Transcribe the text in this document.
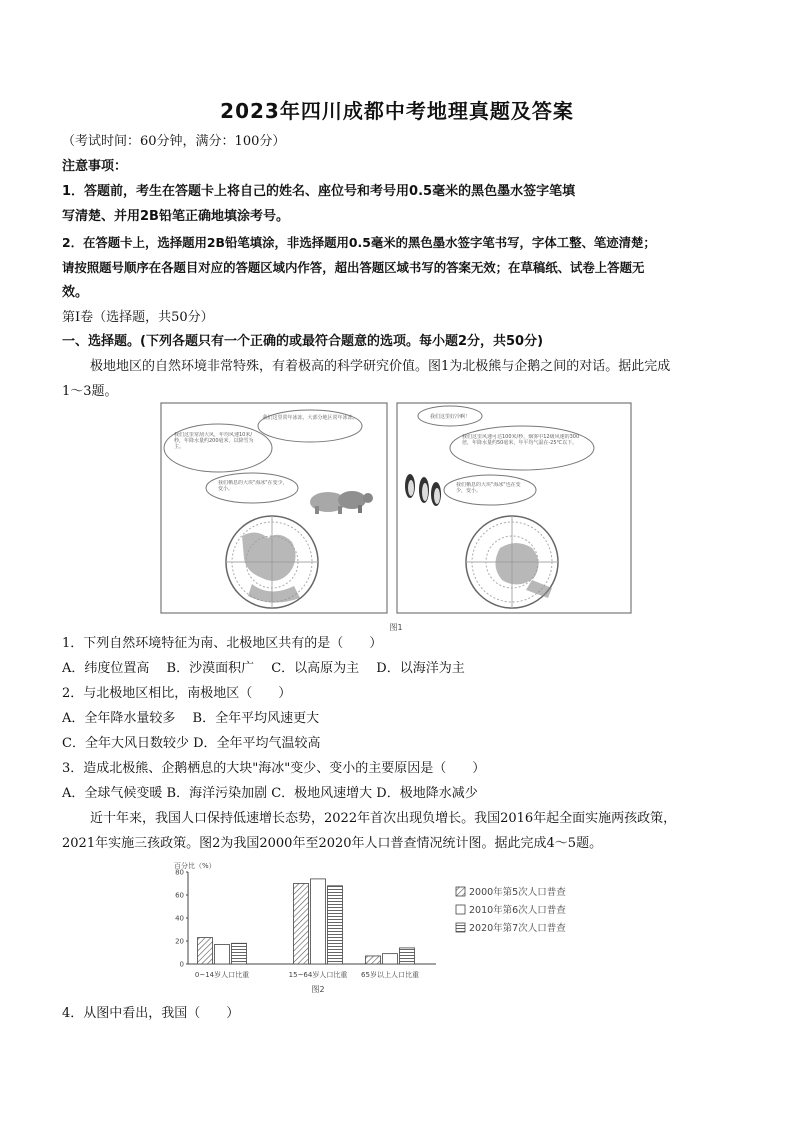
2023年四川成都中考地理真题及答案
（考试时间：60分钟，满分：100分）
注意事项：
1．答题前，考生在答题卡上将自己的姓名、座位号和考号用0.5毫米的黑色墨水签字笔填
写清楚、并用2B铅笔正确地填涂考号。
2．在答题卡上，选择题用2B铅笔填涂，非选择题用0.5毫米的黑色墨水签字笔书写，字体工整、笔迹清楚；
请按照题号顺序在各题目对应的答题区域内作答，超出答题区域书写的答案无效；在草稿纸、试卷上答题无
效。
第Ⅰ卷（选择题，共50分）
一、选择题。(下列各题只有一个正确的或最符合题意的选项。每小题2分，共50分)
极地地区的自然环境非常特殊，有着极高的科学研究价值。图1为北极熊与企鹅之间的对话。据此完成
1～3题。
我们这里常年冰冻，大部分地区常年冰冻。
我们这里常刮大风，年均风速10米/秒，年降水量约200毫米，以降雪为主。
我们栖息的大块"海冰"在变少，变小。
我们这里好冷啊！
我们这里风速可达100米/秒，烟雾中12级风速的300倍，年降水量约50毫米，年平均气温在-25℃以下。
我们栖息的大块"海冰"也在变少，变小。
图1
1．下列自然环境特征为南、北极地区共有的是（　　）
A．纬度位置高　 B．沙漠面积广　 C．以高原为主　 D．以海洋为主
2．与北极地区相比，南极地区（　　）
A．全年降水量较多　 B．全年平均风速更大
C．全年大风日数较少 D．全年平均气温较高
3．造成北极熊、企鹅栖息的大块"海冰"变少、变小的主要原因是（　　）
A．全球气候变暖 B．海洋污染加剧 C．极地风速增大 D．极地降水减少
近十年来，我国人口保持低速增长态势，2022年首次出现负增长。我国2016年起全面实施两孩政策，
2021年实施三孩政策。图2为我国2000年至2020年人口普查情况统计图。据此完成4～5题。
百分比（%）
0
20
40
60
80
0~14岁人口比重	15~64岁人口比重 65岁以上人口比重
2000年第5次人口普查
2010年第6次人口普查
2020年第7次人口普查
图2
4．从图中看出，我国（　　）
